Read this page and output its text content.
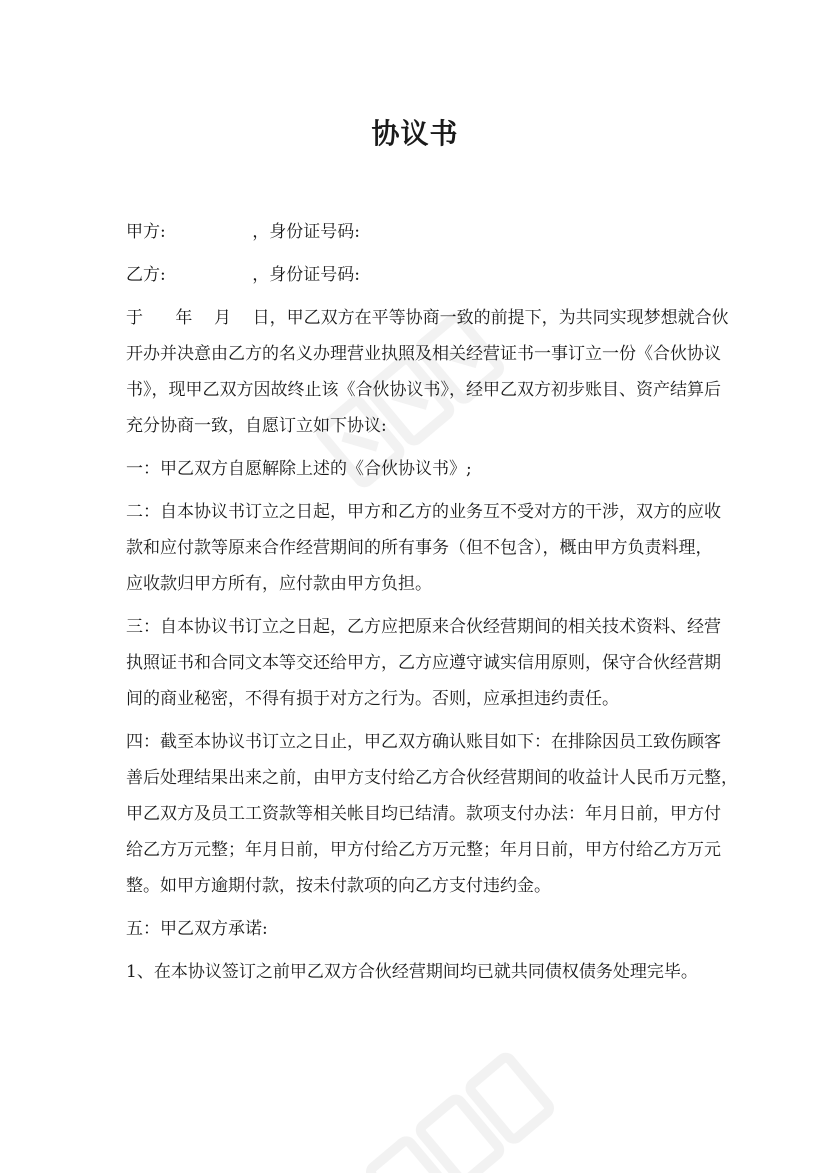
协议书

甲方:                ，身份证号码:

乙方:                ，身份证号码:

于      年    月    日，甲乙双方在平等协商一致的前提下，为共同实现梦想就合伙
开办并决意由乙方的名义办理营业执照及相关经营证书一事订立一份《合伙协议
书》，现甲乙双方因故终止该《合伙协议书》，经甲乙双方初步账目、资产结算后
充分协商一致，自愿订立如下协议:

一：甲乙双方自愿解除上述的《合伙协议书》;

二：自本协议书订立之日起，甲方和乙方的业务互不受对方的干涉，双方的应收
款和应付款等原来合作经营期间的所有事务（但不包含），概由甲方负责料理，
应收款归甲方所有，应付款由甲方负担。

三：自本协议书订立之日起，乙方应把原来合伙经营期间的相关技术资料、经营
执照证书和合同文本等交还给甲方，乙方应遵守诚实信用原则，保守合伙经营期
间的商业秘密，不得有损于对方之行为。否则，应承担违约责任。

四：截至本协议书订立之日止，甲乙双方确认账目如下：在排除因员工致伤顾客
善后处理结果出来之前，由甲方支付给乙方合伙经营期间的收益计人民币万元整，
甲乙双方及员工工资款等相关帐目均已结清。款项支付办法：年月日前，甲方付
给乙方万元整；年月日前，甲方付给乙方万元整；年月日前，甲方付给乙方万元
整。如甲方逾期付款，按未付款项的向乙方支付违约金。

五：甲乙双方承诺:

1、在本协议签订之前甲乙双方合伙经营期间均已就共同债权债务处理完毕。
